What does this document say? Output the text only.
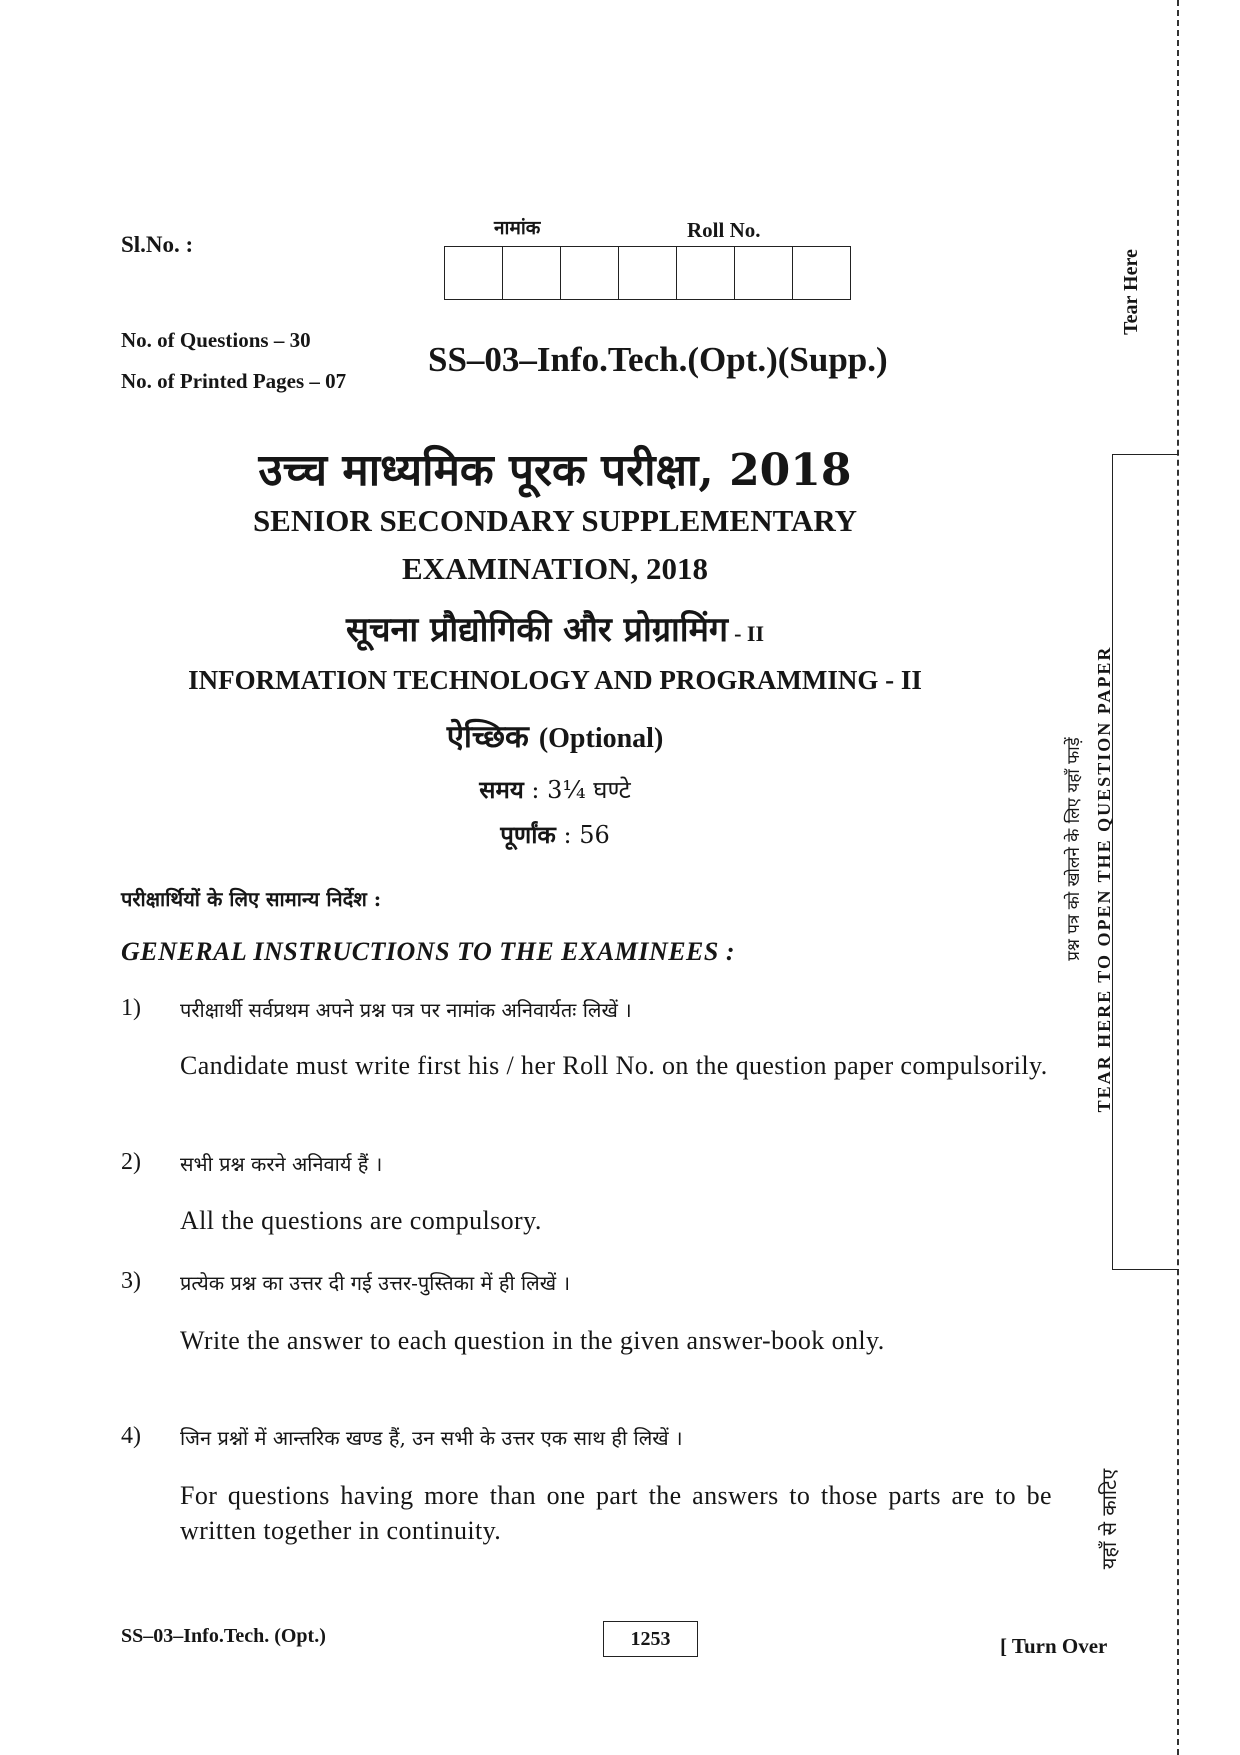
Sl.No. :
नामांक	Roll No.
No. of Questions – 30
No. of Printed Pages – 07
SS–03–Info.Tech.(Opt.)(Supp.)
उच्च माध्यमिक पूरक परीक्षा, 2018
SENIOR SECONDARY SUPPLEMENTARY
EXAMINATION, 2018
सूचना प्रौद्योगिकी और प्रोग्रामिंग - II
INFORMATION TECHNOLOGY AND PROGRAMMING - II
ऐच्छिक (Optional)
समय : 3¼ घण्टे
पूर्णांक : 56
परीक्षार्थियों के लिए सामान्य निर्देश :
GENERAL INSTRUCTIONS TO THE EXAMINEES :
1) परीक्षार्थी सर्वप्रथम अपने प्रश्न पत्र पर नामांक अनिवार्यतः लिखें ।
Candidate must write first his / her Roll No. on the question paper compulsorily.
2) सभी प्रश्न करने अनिवार्य हैं ।
All the questions are compulsory.
3) प्रत्येक प्रश्न का उत्तर दी गई उत्तर-पुस्तिका में ही लिखें ।
Write the answer to each question in the given answer-book only.
4) जिन प्रश्नों में आन्तरिक खण्ड हैं, उन सभी के उत्तर एक साथ ही लिखें ।
For questions having more than one part the answers to those parts are to be written together in continuity.
SS–03–Info.Tech. (Opt.)	1253	[ Turn Over
Tear Here
प्रश्न पत्र को खोलने के लिए यहाँ फाड़ें TEAR HERE TO OPEN THE QUESTION PAPER
यहाँ से काटिए
